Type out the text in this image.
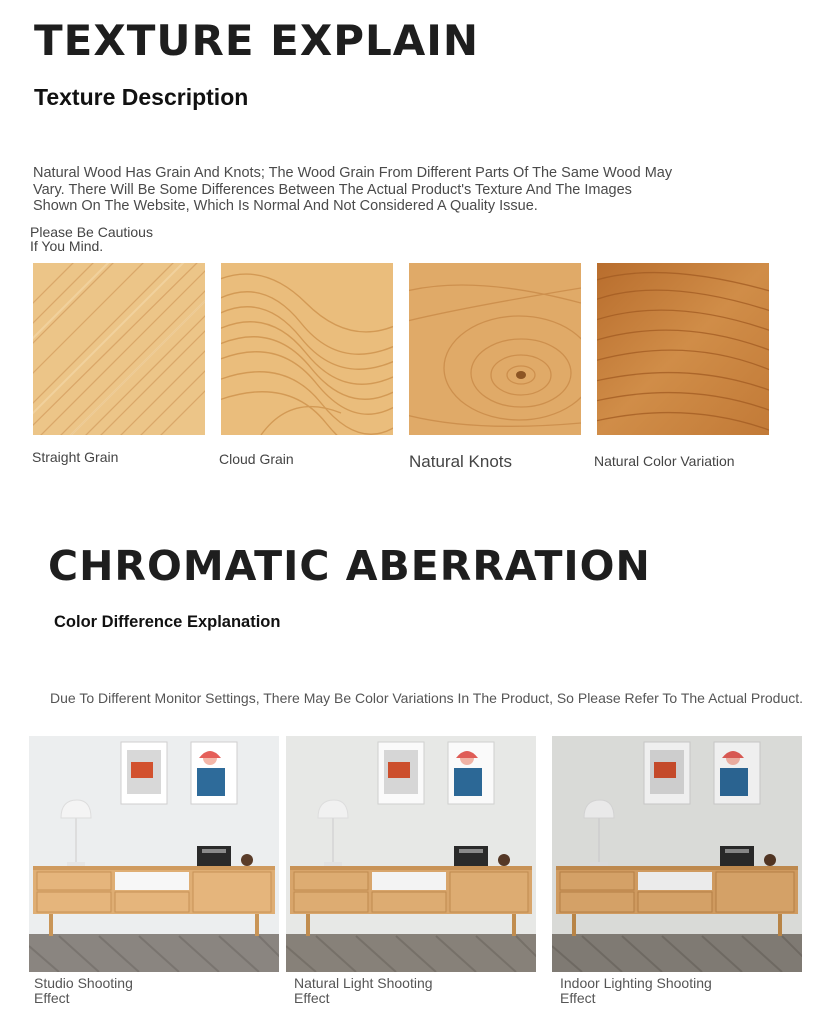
TEXTURE EXPLAIN
Texture Description
Natural Wood Has Grain And Knots; The Wood Grain From Different Parts Of The Same Wood May Vary. There Will Be Some Differences Between The Actual Product's Texture And The Images Shown On The Website, Which Is Normal And Not Considered A Quality Issue.
Please Be Cautious
If You Mind.
Straight Grain	Cloud Grain	Natural Knots	Natural Color Variation
CHROMATIC ABERRATION
Color Difference Explanation
Due To Different Monitor Settings, There May Be Color Variations In The Product, So Please Refer To The Actual Product.
Studio Shooting
Effect
Natural Light Shooting
Effect
Indoor Lighting Shooting
Effect
